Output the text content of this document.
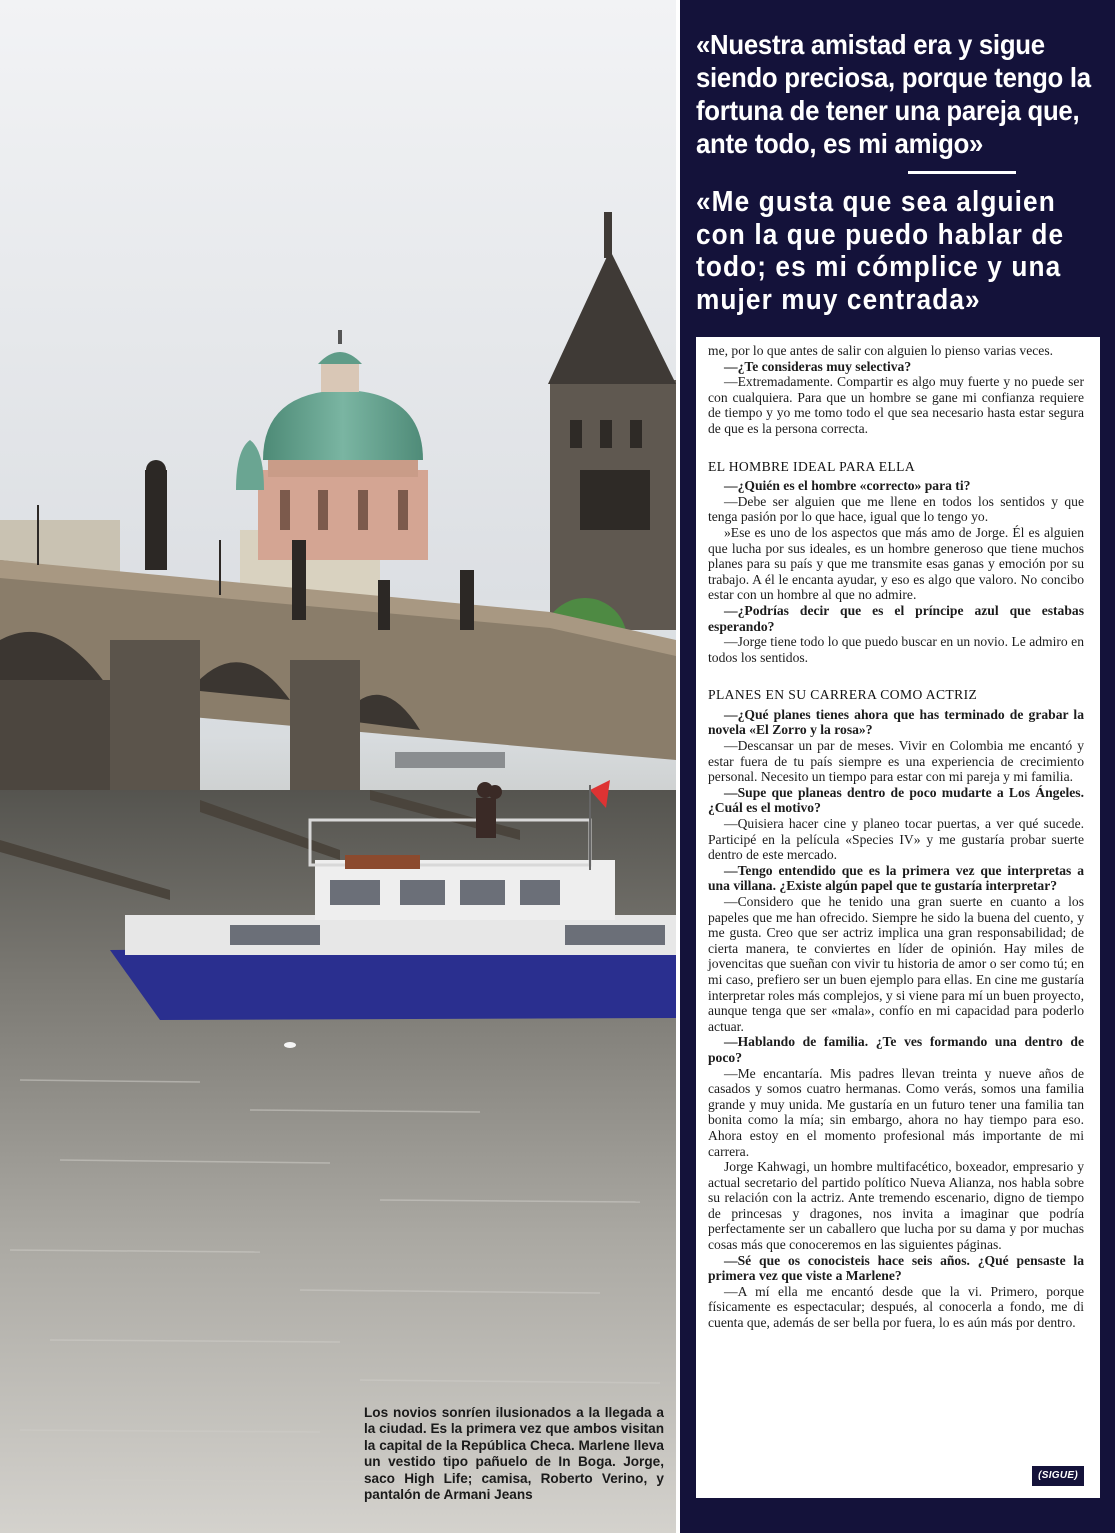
Los novios sonríen ilusionados a la llegada a la ciudad. Es la primera vez que ambos visitan la capital de la República Checa. Marlene lleva un vestido tipo pañuelo de In Boga. Jorge, saco High Life; camisa, Roberto Verino, y pantalón de Armani Jeans
«Nuestra amistad era y sigue siendo preciosa, porque tengo la fortuna de tener una pareja que, ante todo, es mi amigo»
«Me gusta que sea alguien con la que puedo hablar de todo; es mi cómplice y una mujer muy centrada»

me, por lo que antes de salir con alguien lo pienso varias veces.

—¿Te consideras muy selectiva?

—Extremadamente. Compartir es algo muy fuerte y no puede ser con cualquiera. Para que un hombre se gane mi confianza requiere de tiempo y yo me tomo todo el que sea necesario hasta estar segura de que es la persona correcta.

EL HOMBRE IDEAL PARA ELLA

—¿Quién es el hombre «correcto» para ti?

—Debe ser alguien que me llene en todos los sentidos y que tenga pasión por lo que hace, igual que lo tengo yo.

»Ese es uno de los aspectos que más amo de Jorge. Él es alguien que lucha por sus ideales, es un hombre generoso que tiene muchos planes para su país y que me transmite esas ganas y emoción por su trabajo. A él le encanta ayudar, y eso es algo que valoro. No concibo estar con un hombre al que no admire.

—¿Podrías decir que es el príncipe azul que estabas esperando?

—Jorge tiene todo lo que puedo buscar en un novio. Le admiro en todos los sentidos.

PLANES EN SU CARRERA COMO ACTRIZ

—¿Qué planes tienes ahora que has terminado de grabar la novela «El Zorro y la rosa»?

—Descansar un par de meses. Vivir en Colombia me encantó y estar fuera de tu país siempre es una experiencia de crecimiento personal. Necesito un tiempo para estar con mi pareja y mi familia.

—Supe que planeas dentro de poco mudarte a Los Ángeles. ¿Cuál es el motivo?

—Quisiera hacer cine y planeo tocar puertas, a ver qué sucede. Participé en la película «Species IV» y me gustaría probar suerte dentro de este mercado.

—Tengo entendido que es la primera vez que interpretas a una villana. ¿Existe algún papel que te gustaría interpretar?

—Considero que he tenido una gran suerte en cuanto a los papeles que me han ofrecido. Siempre he sido la buena del cuento, y me gusta. Creo que ser actriz implica una gran responsabilidad; de cierta manera, te conviertes en líder de opinión. Hay miles de jovencitas que sueñan con vivir tu historia de amor o ser como tú; en mi caso, prefiero ser un buen ejemplo para ellas. En cine me gustaría interpretar roles más complejos, y si viene para mí un buen proyecto, aunque tenga que ser «mala», confío en mi capacidad para poderlo actuar.

—Hablando de familia. ¿Te ves formando una dentro de poco?

—Me encantaría. Mis padres llevan treinta y nueve años de casados y somos cuatro hermanas. Como verás, somos una familia grande y muy unida. Me gustaría en un futuro tener una familia tan bonita como la mía; sin embargo, ahora no hay tiempo para eso. Ahora estoy en el momento profesional más importante de mi carrera.

Jorge Kahwagi, un hombre multifacético, boxeador, empresario y actual secretario del partido político Nueva Alianza, nos habla sobre su relación con la actriz. Ante tremendo escenario, digno de tiempo de princesas y dragones, nos invita a imaginar que podría perfectamente ser un caballero que lucha por su dama y por muchas cosas más que conoceremos en las siguientes páginas.

—Sé que os conocisteis hace seis años. ¿Qué pensaste la primera vez que viste a Marlene?

—A mí ella me encantó desde que la vi. Primero, porque físicamente es espectacular; después, al conocerla a fondo, me di cuenta que, además de ser bella por fuera, lo es aún más por dentro.

(SIGUE)
